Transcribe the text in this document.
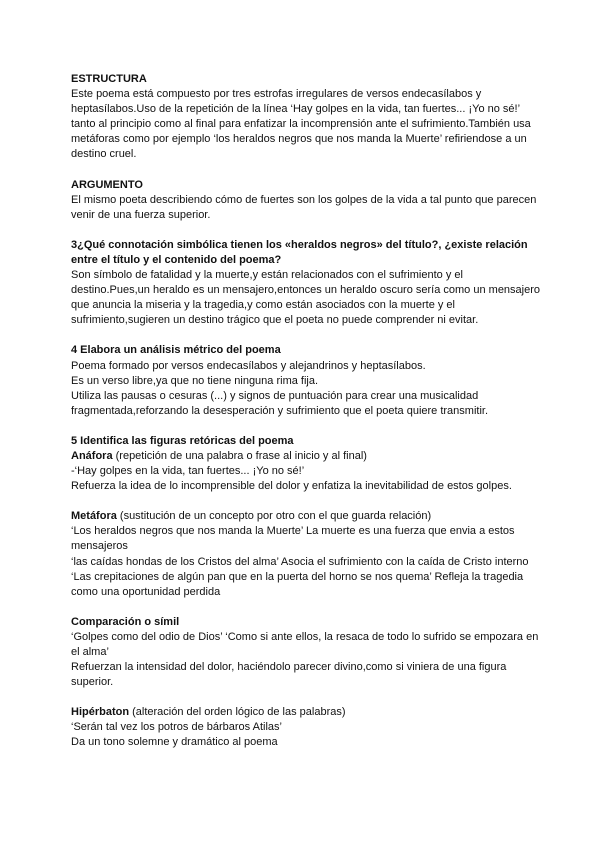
ESTRUCTURA
Este poema está compuesto por tres estrofas irregulares de versos endecasílabos y heptasílabos.Uso de la repetición de la línea ‘Hay golpes en la vida, tan fuertes... ¡Yo no sé!’ tanto al principio como al final para enfatizar la incomprensión ante el sufrimiento.También usa metáforas como por ejemplo ‘los heraldos negros que nos manda la Muerte’ refiriendose a un destino cruel.
ARGUMENTO
El mismo poeta describiendo cómo de fuertes son los golpes de la vida a tal punto que parecen venir de una fuerza superior.
3¿Qué connotación simbólica tienen los «heraldos negros» del título?, ¿existe relación entre el título y el contenido del poema?
Son símbolo de fatalidad y la muerte,y están relacionados con el sufrimiento y el destino.Pues,un heraldo es un mensajero,entonces un heraldo oscuro sería como un mensajero que anuncia la miseria y la tragedia,y como están asociados con la muerte y el sufrimiento,sugieren un destino trágico que el poeta no puede comprender ni evitar.
4 Elabora un análisis métrico del poema
Poema formado por versos endecasílabos y alejandrinos y heptasílabos.
Es un verso libre,ya que no tiene ninguna rima fija.
Utiliza las pausas o cesuras (...) y signos de puntuación para crear una musicalidad fragmentada,reforzando la desesperación y sufrimiento que el poeta quiere transmitir.
5 Identifica las figuras retóricas del poema
Anáfora (repetición de una palabra o frase al inicio y al final)
-‘Hay golpes en la vida, tan fuertes... ¡Yo no sé!’
Refuerza la idea de lo incomprensible del dolor y enfatiza la inevitabilidad de estos golpes.
Metáfora (sustitución de un concepto por otro con el que guarda relación)
‘Los heraldos negros que nos manda la Muerte’ La muerte es una fuerza que envia a estos mensajeros
‘las caídas hondas de los Cristos del alma’ Asocia el sufrimiento con la caída de Cristo interno
‘Las crepitaciones de algún pan que en la puerta del horno se nos quema’ Refleja la tragedia como una oportunidad perdida
Comparación o símil
‘Golpes como del odio de Dios’ ‘Como si ante ellos, la resaca de todo lo sufrido se empozara en el alma’
Refuerzan la intensidad del dolor, haciéndolo parecer divino,como si viniera de una figura superior.
Hipérbaton (alteración del orden lógico de las palabras)
‘Serán tal vez los potros de bárbaros Atilas’
Da un tono solemne y dramático al poema
